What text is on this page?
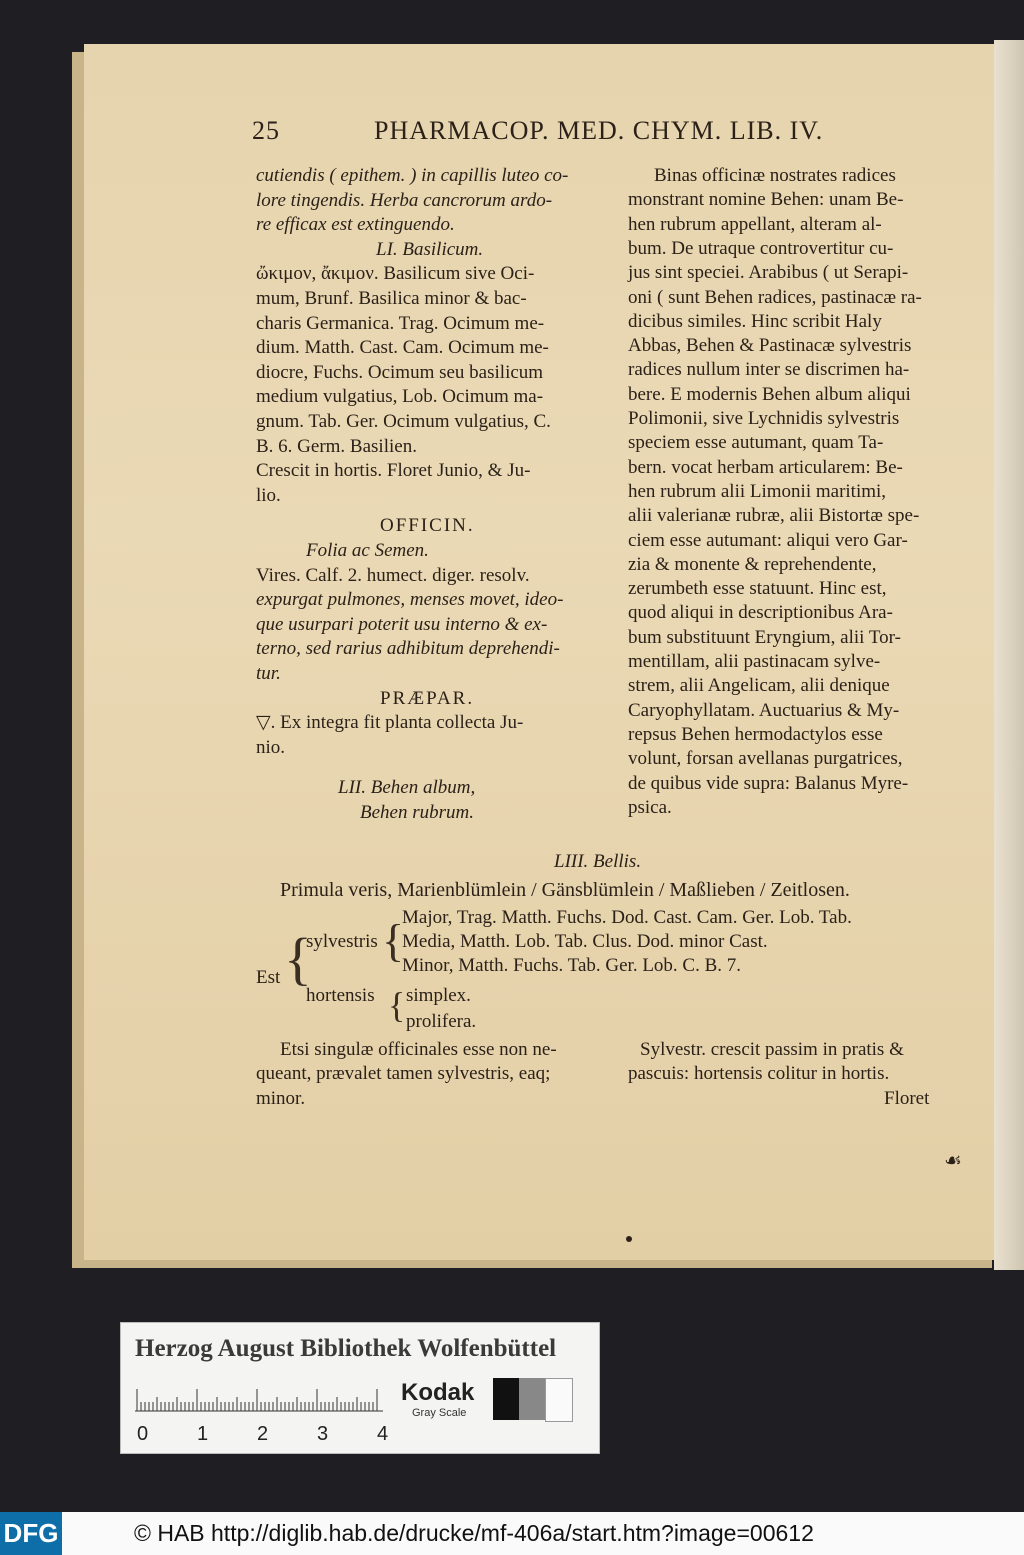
25	PHARMACOP. MED. CHYM. LIB. IV.
cutiendis ( epithem. ) in capillis luteo co-
lore tingendis. Herba cancrorum ardo-
re efficax est extinguendo.
LI. Basilicum.
ὤκιμον, ἄκιμον. Basilicum sive Oci-
mum, Brunf. Basilica minor & bac-
charis Germanica. Trag. Ocimum me-
dium. Matth. Cast. Cam. Ocimum me-
diocre, Fuchs. Ocimum seu basilicum
medium vulgatius, Lob. Ocimum ma-
gnum. Tab. Ger. Ocimum vulgatius, C.
B. 6. Germ. Basilien.
Crescit in hortis. Floret Junio, & Ju-
lio.
OFFICIN.
Folia ac Semen.
Vires. Calf. 2. humect. diger. resolv.
expurgat pulmones, menses movet, ideo-
que usurpari poterit usu interno & ex-
terno, sed rarius adhibitum deprehendi-
tur.
PRÆPAR.
▽. Ex integra fit planta collecta Ju-
nio.
LII. Behen album,
Behen rubrum.
Binas officinæ nostrates radices
monstrant nomine Behen: unam Be-
hen rubrum appellant, alteram al-
bum. De utraque controvertitur cu-
jus sint speciei. Arabibus ( ut Serapi-
oni ( sunt Behen radices, pastinacæ ra-
dicibus similes. Hinc scribit Haly
Abbas, Behen & Pastinacæ sylvestris
radices nullum inter se discrimen ha-
bere. E modernis Behen album aliqui
Polimonii, sive Lychnidis sylvestris
speciem esse autumant, quam Ta-
bern. vocat herbam articularem: Be-
hen rubrum alii Limonii maritimi,
alii valerianæ rubræ, alii Bistortæ spe-
ciem esse autumant: aliqui vero Gar-
zia & monente & reprehendente,
zerumbeth esse statuunt. Hinc est,
quod aliqui in descriptionibus Ara-
bum substituunt Eryngium, alii Tor-
mentillam, alii pastinacam sylve-
strem, alii Angelicam, alii denique
Caryophyllatam. Auctuarius & My-
repsus Behen hermodactylos esse
volunt, forsan avellanas purgatrices,
de quibus vide supra: Balanus Myre-
psica.
LIII. Bellis.
Primula veris, Marienblümlein / Gänsblümlein / Maßlieben / Zeitlosen.
Est {
sylvestris {
Major, Trag. Matth. Fuchs. Dod. Cast. Cam. Ger. Lob. Tab.
Media, Matth. Lob. Tab. Clus. Dod. minor Cast.
Minor, Matth. Fuchs. Tab. Ger. Lob. C. B. 7.
hortensis { simplex.
prolifera.
Etsi singulæ officinales esse non ne-
queant, prævalet tamen sylvestris, eaq;
minor.
Sylvestr. crescit passim in pratis &
pascuis: hortensis colitur in hortis.
Floret
☙
Herzog August Bibliothek Wolfenbüttel
0 1 2 3 4
Kodak
Gray Scale
DFG	© HAB http://diglib.hab.de/drucke/mf-406a/start.htm?image=00612
